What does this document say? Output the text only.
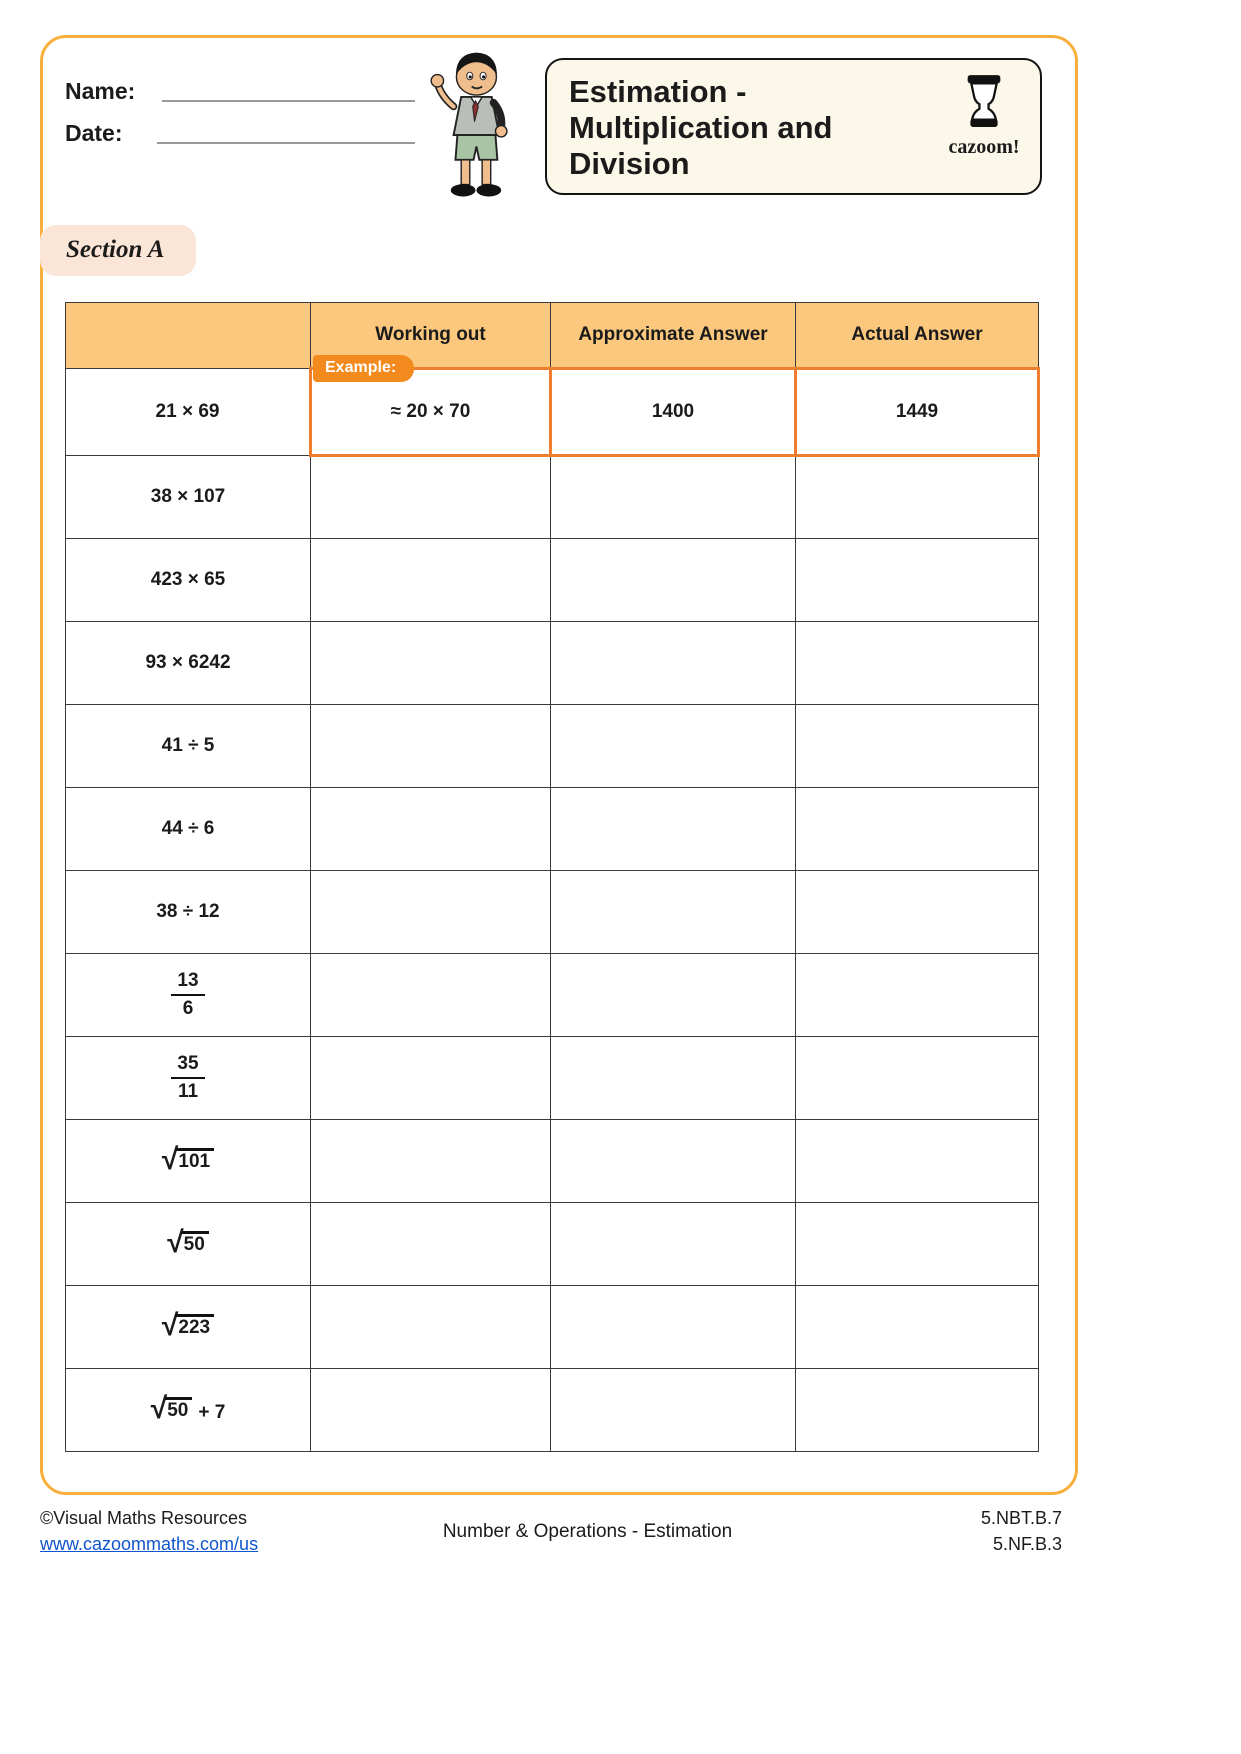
Name:
Date:
Estimation -
Multiplication and
Division	cazoom!
Section A
	Working out	Approximate Answer	Actual Answer
21 × 69	≈ 20 × 70	1400	1449
38 × 107			
423 × 65			
93 × 6242			
41 ÷ 5			
44 ÷ 6			
38 ÷ 12			

$\frac{13}{6}$

$\frac{35}{11}$

√ 101			

√ 50			

√ 223			

√ 50 + 7			
Example:
©Visual Maths Resources
www.cazoommaths.com/us
Number & Operations - Estimation
5.NBT.B.7
5.NF.B.3
